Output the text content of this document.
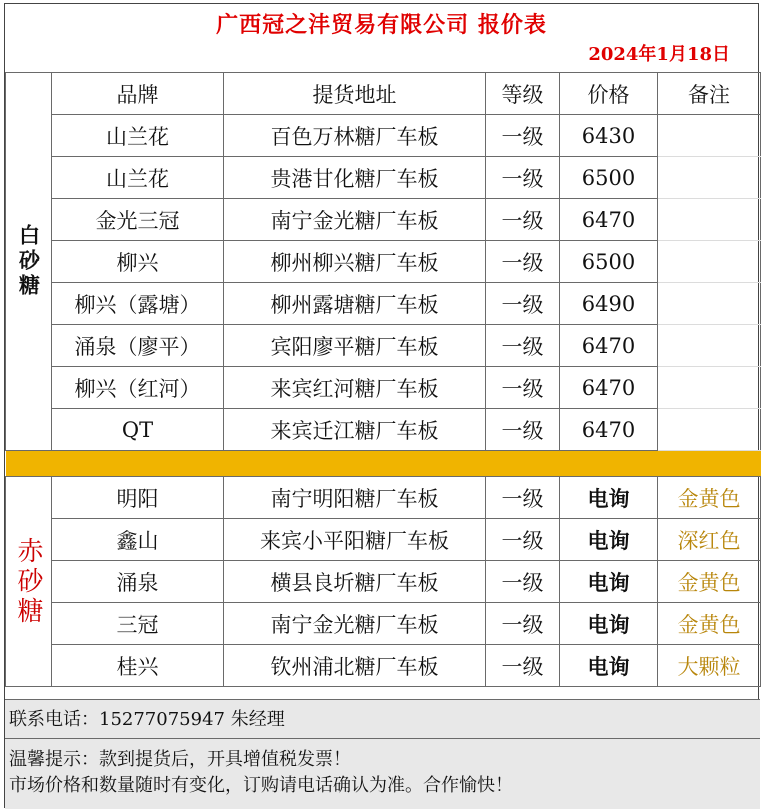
广西冠之沣贸易有限公司 报价表
2024年1月18日
白砂糖	品牌	提货地址	等级	价格	备注
	山兰花	百色万林糖厂车板	一级	6430	
	山兰花	贵港甘化糖厂车板	一级	6500	
	金光三冠	南宁金光糖厂车板	一级	6470	
	柳兴	柳州柳兴糖厂车板	一级	6500	
	柳兴（露塘）	柳州露塘糖厂车板	一级	6490	
	涌泉（廖平）	宾阳廖平糖厂车板	一级	6470	
	柳兴（红河）	来宾红河糖厂车板	一级	6470	
	QT	来宾迁江糖厂车板	一级	6470	

赤砂糖	明阳	南宁明阳糖厂车板	一级	电询	金黄色
	鑫山	来宾小平阳糖厂车板	一级	电询	深红色
	涌泉	横县良圻糖厂车板	一级	电询	金黄色
	三冠	南宁金光糖厂车板	一级	电询	金黄色
	桂兴	钦州浦北糖厂车板	一级	电询	大颗粒
联系电话：15277075947 朱经理
温馨提示：款到提货后，开具增值税发票！
市场价格和数量随时有变化，订购请电话确认为准。合作愉快！
